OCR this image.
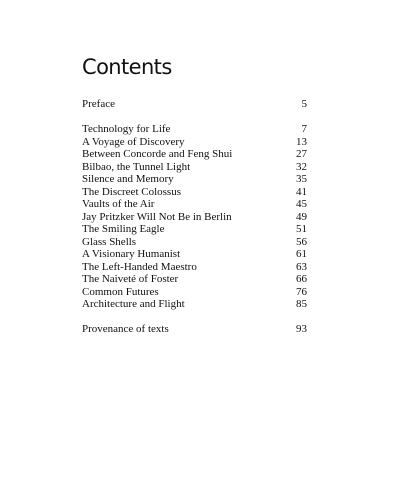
Contents
Preface	5
Technology for Life	7
A Voyage of Discovery	13
Between Concorde and Feng Shui	27
Bilbao, the Tunnel Light	32
Silence and Memory	35
The Discreet Colossus	41
Vaults of the Air	45
Jay Pritzker Will Not Be in Berlin	49
The Smiling Eagle	51
Glass Shells	56
A Visionary Humanist	61
The Left-Handed Maestro	63
The Naiveté of Foster	66
Common Futures	76
Architecture and Flight	85
Provenance of texts	93
